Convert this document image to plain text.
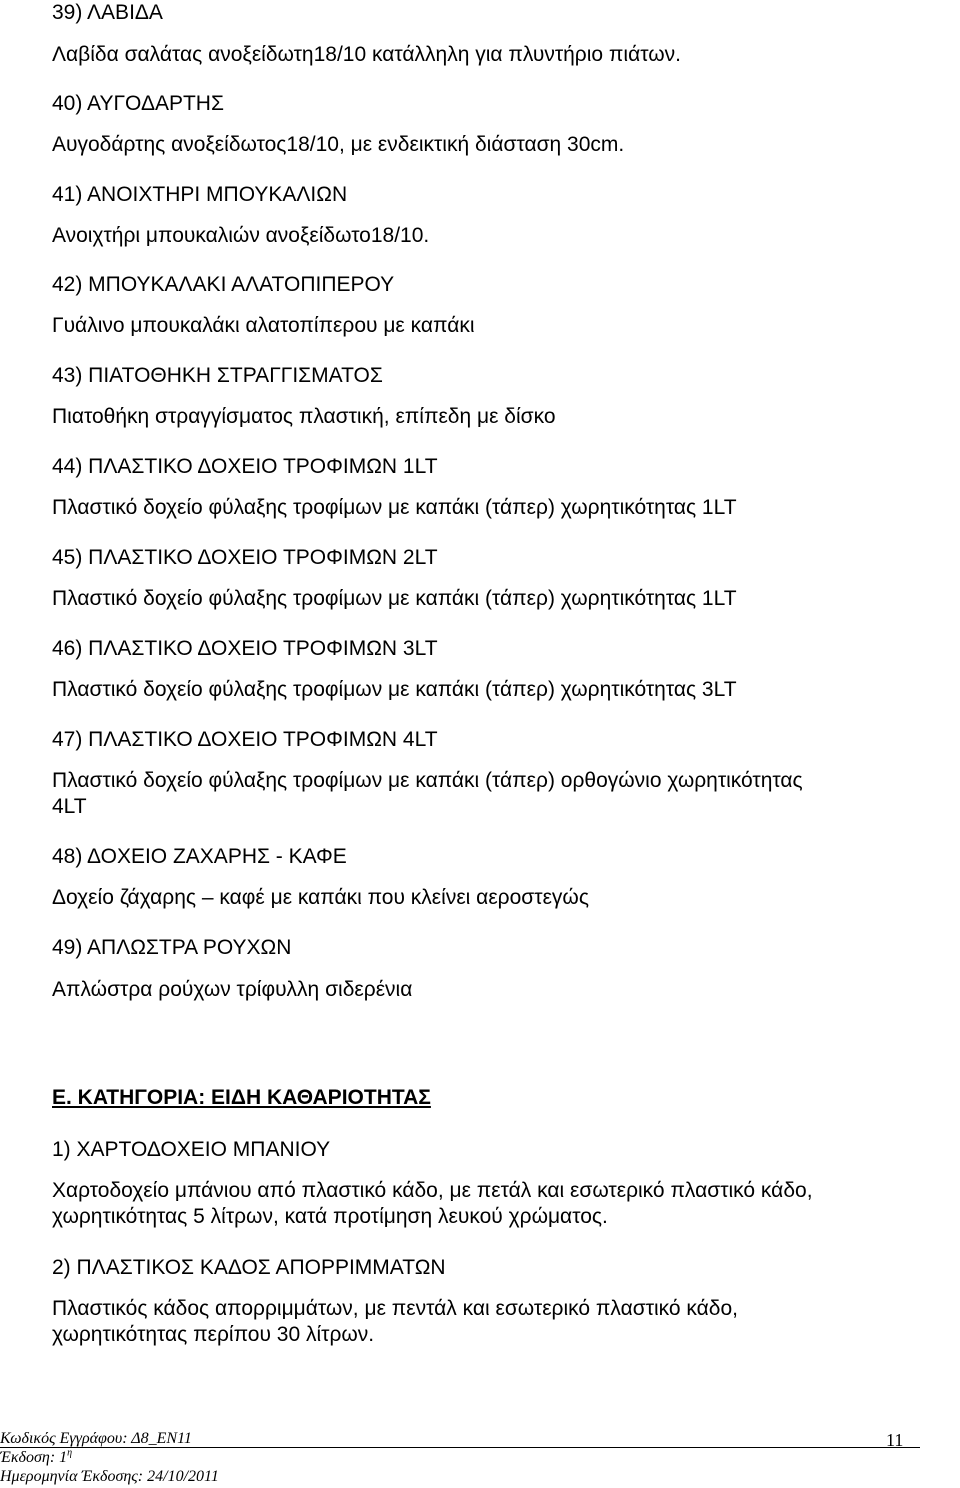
39) ΛΑΒΙΔΑ
Λαβίδα σαλάτας ανοξείδωτη18/10 κατάλληλη για πλυντήριο πιάτων.
40) ΑΥΓΟΔΑΡΤΗΣ
Αυγοδάρτης ανοξείδωτος18/10, με ενδεικτική διάσταση 30cm.
41) ΑΝΟΙΧΤΗΡΙ ΜΠΟΥΚΑΛΙΩΝ
Ανοιχτήρι μπουκαλιών ανοξείδωτο18/10.
42) ΜΠΟΥΚΑΛΑΚΙ ΑΛΑΤΟΠΙΠΕΡΟΥ
Γυάλινο μπουκαλάκι αλατοπίπερου με καπάκι
43) ΠΙΑΤΟΘΗΚΗ ΣΤΡΑΓΓΙΣΜΑΤΟΣ
Πιατοθήκη στραγγίσματος πλαστική, επίπεδη με δίσκο
44) ΠΛΑΣΤΙΚΟ ΔΟΧΕΙΟ ΤΡΟΦΙΜΩΝ 1LT
Πλαστικό δοχείο φύλαξης τροφίμων με καπάκι (τάπερ) χωρητικότητας 1LT
45) ΠΛΑΣΤΙΚΟ ΔΟΧΕΙΟ ΤΡΟΦΙΜΩΝ 2LT
Πλαστικό δοχείο φύλαξης τροφίμων με καπάκι (τάπερ) χωρητικότητας 1LT
46) ΠΛΑΣΤΙΚΟ ΔΟΧΕΙΟ ΤΡΟΦΙΜΩΝ 3LT
Πλαστικό δοχείο φύλαξης τροφίμων με καπάκι (τάπερ) χωρητικότητας 3LT
47) ΠΛΑΣΤΙΚΟ ΔΟΧΕΙΟ ΤΡΟΦΙΜΩΝ 4LT
Πλαστικό δοχείο φύλαξης τροφίμων με καπάκι (τάπερ) ορθογώνιο χωρητικότητας
4LT
48) ΔΟΧΕΙΟ ΖΑΧΑΡΗΣ - ΚΑΦΕ
Δοχείο ζάχαρης – καφέ με καπάκι που κλείνει αεροστεγώς
49) ΑΠΛΩΣΤΡΑ ΡΟΥΧΩΝ
Απλώστρα ρούχων τρίφυλλη σιδερένια
Ε. ΚΑΤΗΓΟΡΙΑ: ΕΙΔΗ ΚΑΘΑΡΙΟΤΗΤΑΣ
1) ΧΑΡΤΟΔΟΧΕΙΟ ΜΠΑΝΙΟΥ
Χαρτοδοχείο μπάνιου από πλαστικό κάδο, με πετάλ και εσωτερικό πλαστικό κάδο,
χωρητικότητας 5 λίτρων, κατά προτίμηση λευκού χρώματος.
2) ΠΛΑΣΤΙΚΟΣ ΚΑΔΟΣ ΑΠΟΡΡΙΜΜΑΤΩΝ
Πλαστικός κάδος απορριμμάτων, με πεντάλ και εσωτερικό πλαστικό κάδο,
χωρητικότητας περίπου 30 λίτρων.
Κωδικός Εγγράφου: Δ8_ΕΝ11
Έκδοση: $1^\eta$
Ημερομηνία Έκδοσης: 24/10/2011
11
